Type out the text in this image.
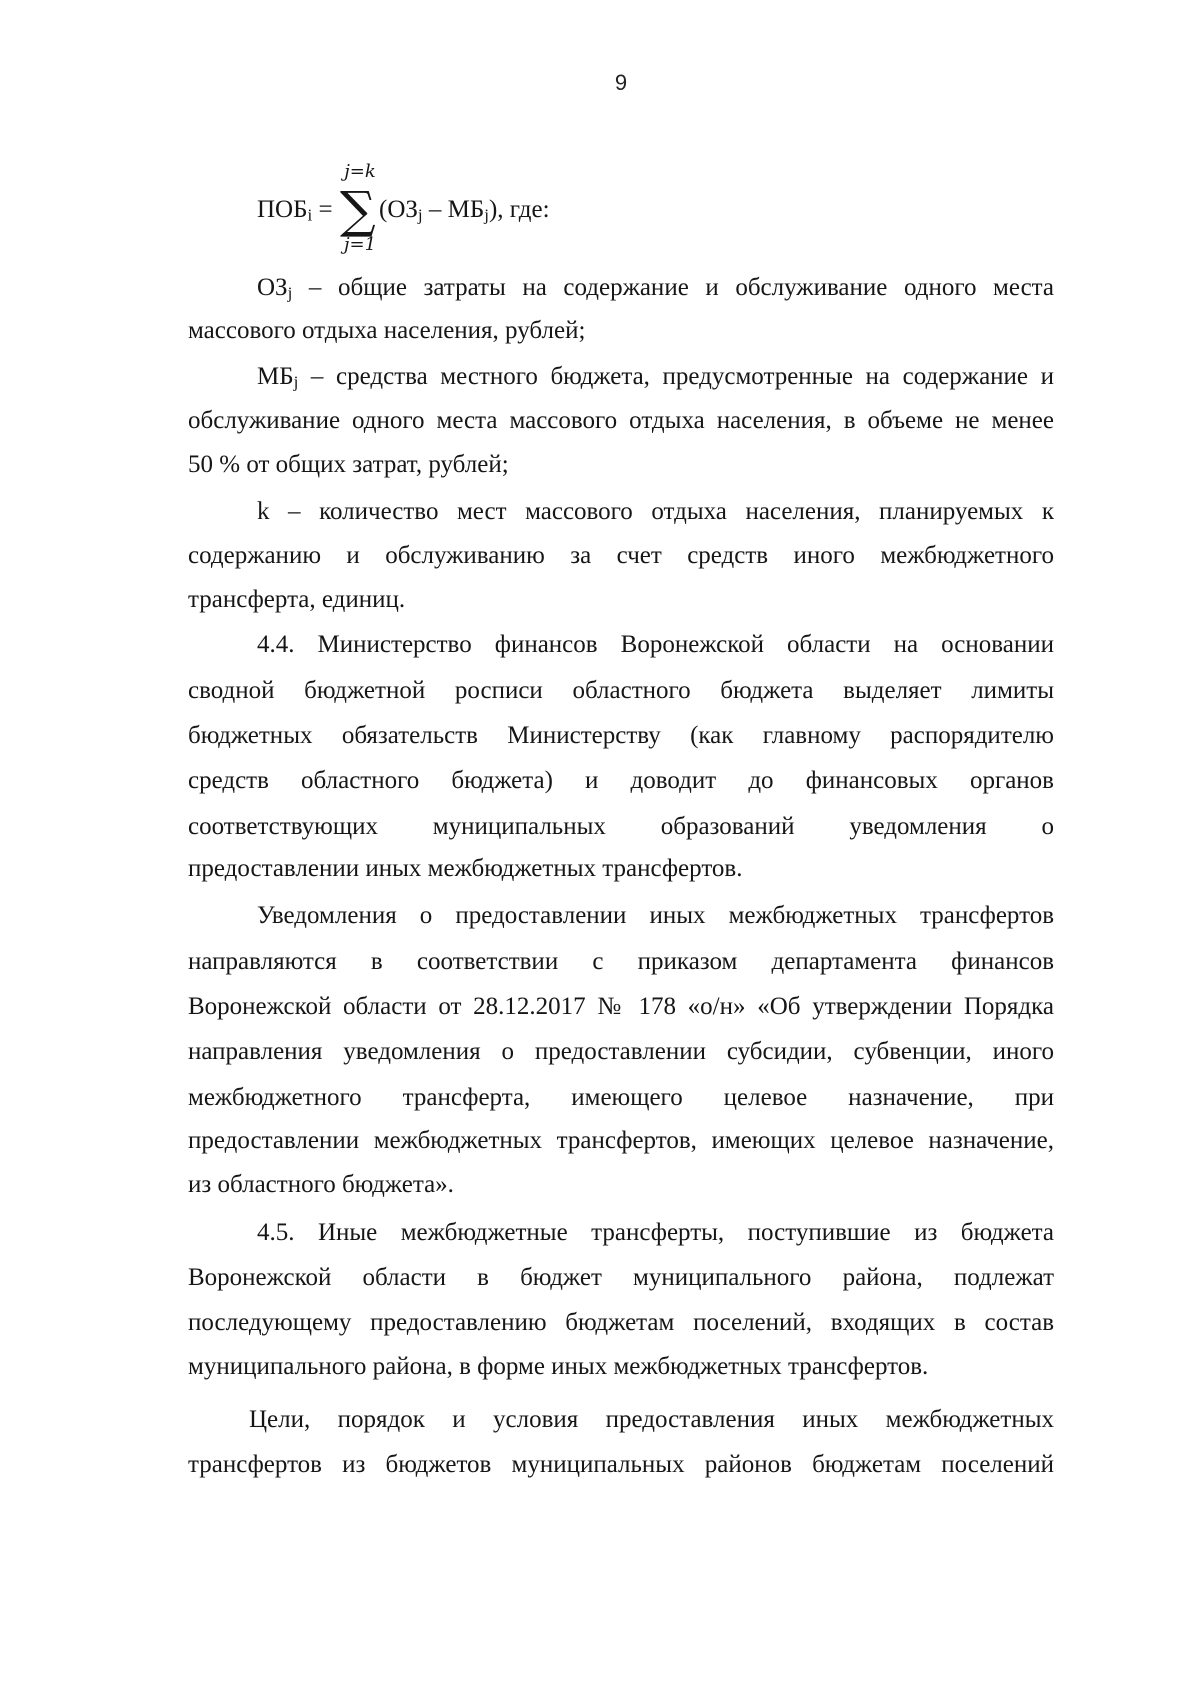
9
$ПОБ_i$ =
j=k
∑
j=1
$(ОЗ_j - МБ_j)$, где:
$ОЗ_j$ – общие затраты на содержание и обслуживание одного места
массового отдыха населения, рублей;
$МБ_j$ – средства местного бюджета, предусмотренные на содержание и
обслуживание одного места массового отдыха населения, в объеме не менее
50 % от общих затрат, рублей;
k – количество мест массового отдыха населения, планируемых к
содержанию и обслуживанию за счет средств иного межбюджетного
трансферта, единиц.
4.4. Министерство финансов Воронежской области на основании
сводной бюджетной росписи областного бюджета выделяет лимиты
бюджетных обязательств Министерству (как главному распорядителю
средств областного бюджета) и доводит до финансовых органов
соответствующих муниципальных образований уведомления о
предоставлении иных межбюджетных трансфертов.
Уведомления о предоставлении иных межбюджетных трансфертов
направляются в соответствии с приказом департамента финансов
Воронежской области от 28.12.2017 № 178 «о/н» «Об утверждении Порядка
направления уведомления о предоставлении субсидии, субвенции, иного
межбюджетного трансферта, имеющего целевое назначение, при
предоставлении межбюджетных трансфертов, имеющих целевое назначение,
из областного бюджета».
4.5. Иные межбюджетные трансферты, поступившие из бюджета
Воронежской области в бюджет муниципального района, подлежат
последующему предоставлению бюджетам поселений, входящих в состав
муниципального района, в форме иных межбюджетных трансфертов.
Цели, порядок и условия предоставления иных межбюджетных
трансфертов из бюджетов муниципальных районов бюджетам поселений
